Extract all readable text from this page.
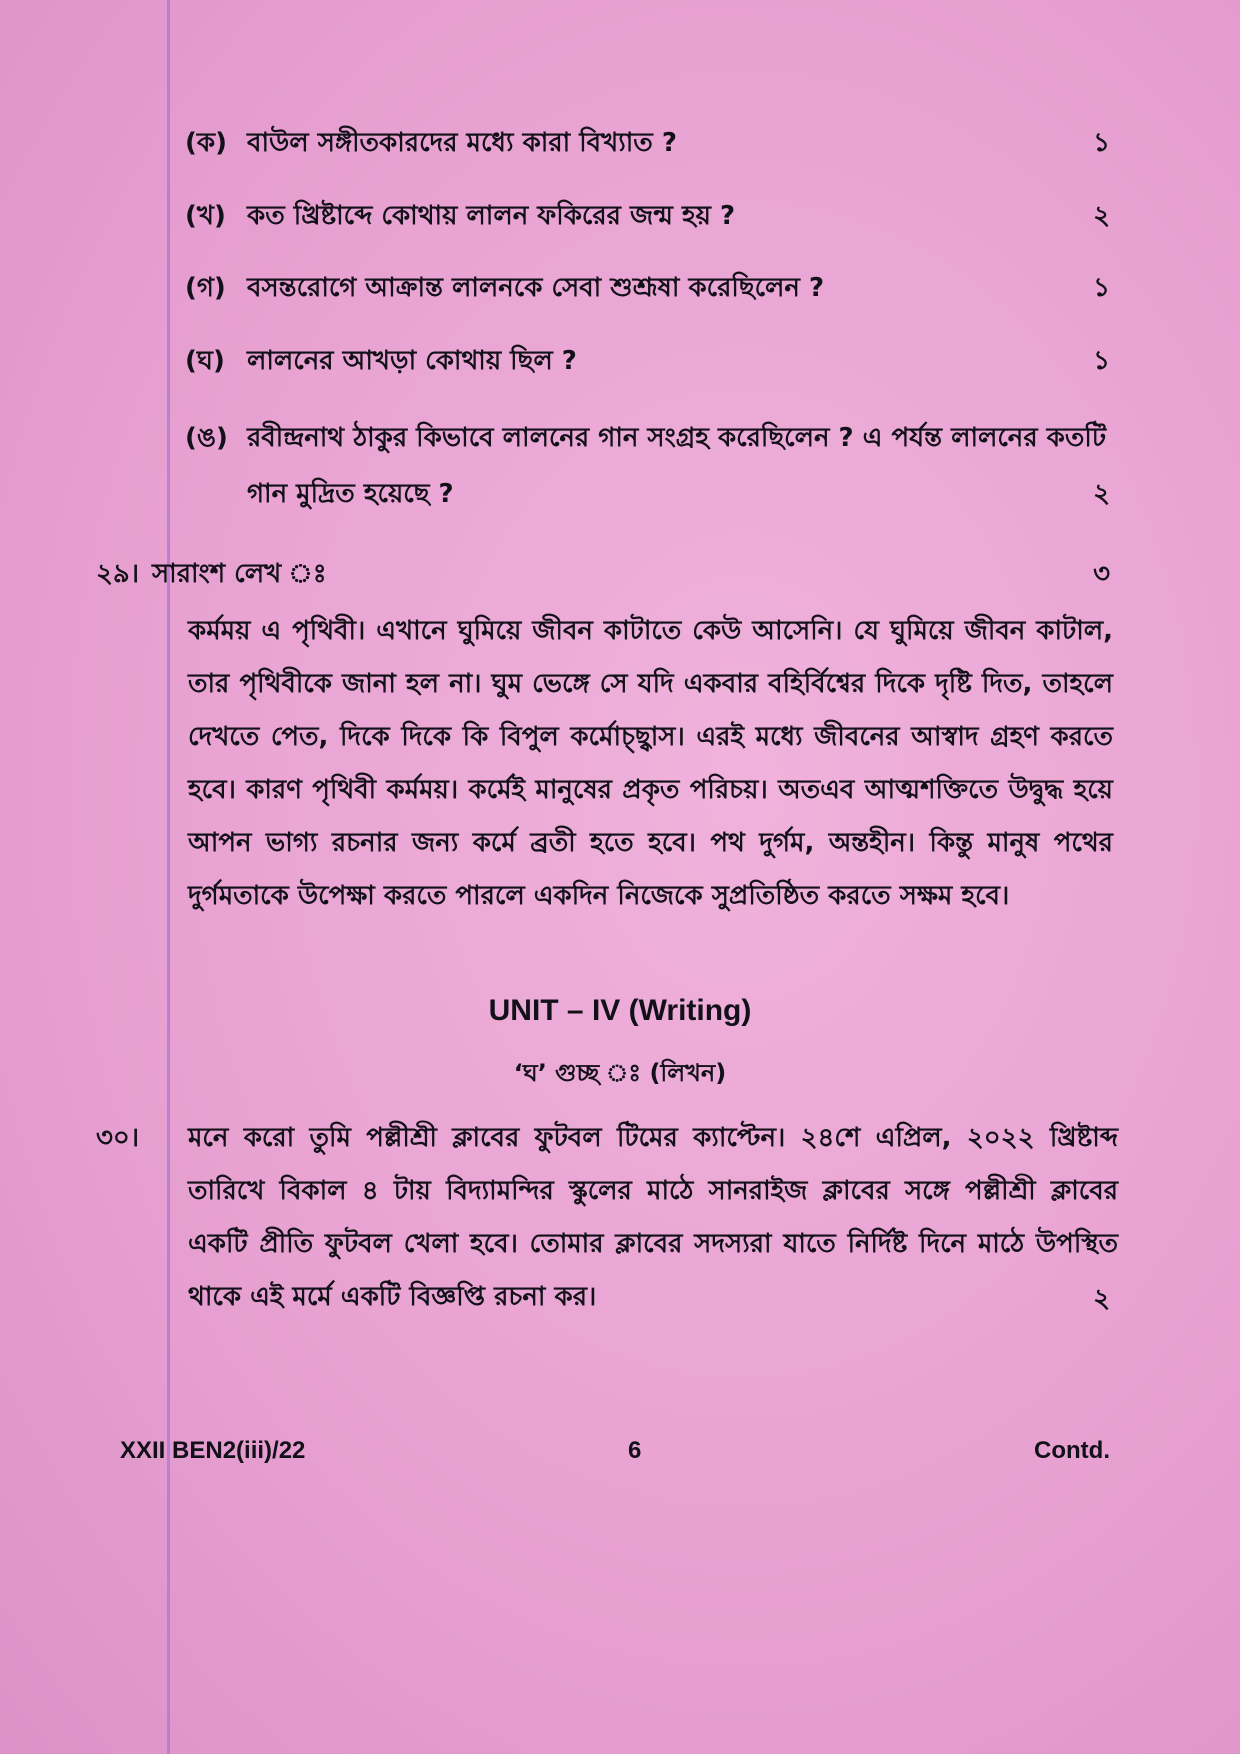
(ক) বাউল সঙ্গীতকারদের মধ্যে কারা বিখ্যাত ?	১
(খ) কত খ্রিষ্টাব্দে কোথায় লালন ফকিরের জন্ম হয় ?	২
(গ) বসন্তরোগে আক্রান্ত লালনকে সেবা শুশ্রূষা করেছিলেন ?	১
(ঘ) লালনের আখড়া কোথায় ছিল ?	১
(ঙ) রবীন্দ্রনাথ ঠাকুর কিভাবে লালনের গান সংগ্রহ করেছিলেন ? এ পর্যন্ত লালনের কতটি
গান মুদ্রিত হয়েছে ?	২
২৯। সারাংশ লেখ ঃ	৩
কর্মময় এ পৃথিবী। এখানে ঘুমিয়ে জীবন কাটাতে কেউ আসেনি। যে ঘুমিয়ে জীবন কাটাল, তার পৃথিবীকে জানা হল না। ঘুম ভেঙ্গে সে যদি একবার বহির্বিশ্বের দিকে দৃষ্টি দিত, তাহলে দেখতে পেত, দিকে দিকে কি বিপুল কর্মোচ্ছ্বাস। এরই মধ্যে জীবনের আস্বাদ গ্রহণ করতে হবে। কারণ পৃথিবী কর্মময়। কর্মেই মানুষের প্রকৃত পরিচয়। অতএব আত্মশক্তিতে উদ্বুদ্ধ হয়ে আপন ভাগ্য রচনার জন্য কর্মে ব্রতী হতে হবে। পথ দুর্গম, অন্তহীন। কিন্তু মানুষ পথের দুর্গমতাকে উপেক্ষা করতে পারলে একদিন নিজেকে সুপ্রতিষ্ঠিত করতে সক্ষম হবে।
UNIT – IV (Writing)
‘ঘ’ গুচ্ছ ঃ (লিখন)
৩০। মনে করো তুমি পল্লীশ্রী ক্লাবের ফুটবল টিমের ক্যাপ্টেন। ২৪শে এপ্রিল, ২০২২ খ্রিষ্টাব্দ তারিখে বিকাল ৪ টায় বিদ্যামন্দির স্কুলের মাঠে সানরাইজ ক্লাবের সঙ্গে পল্লীশ্রী ক্লাবের একটি প্রীতি ফুটবল খেলা হবে। তোমার ক্লাবের সদস্যরা যাতে নির্দিষ্ট দিনে মাঠে উপস্থিত থাকে এই মর্মে একটি বিজ্ঞপ্তি রচনা কর।	২
XXII BEN2(iii)/22	6	Contd.
